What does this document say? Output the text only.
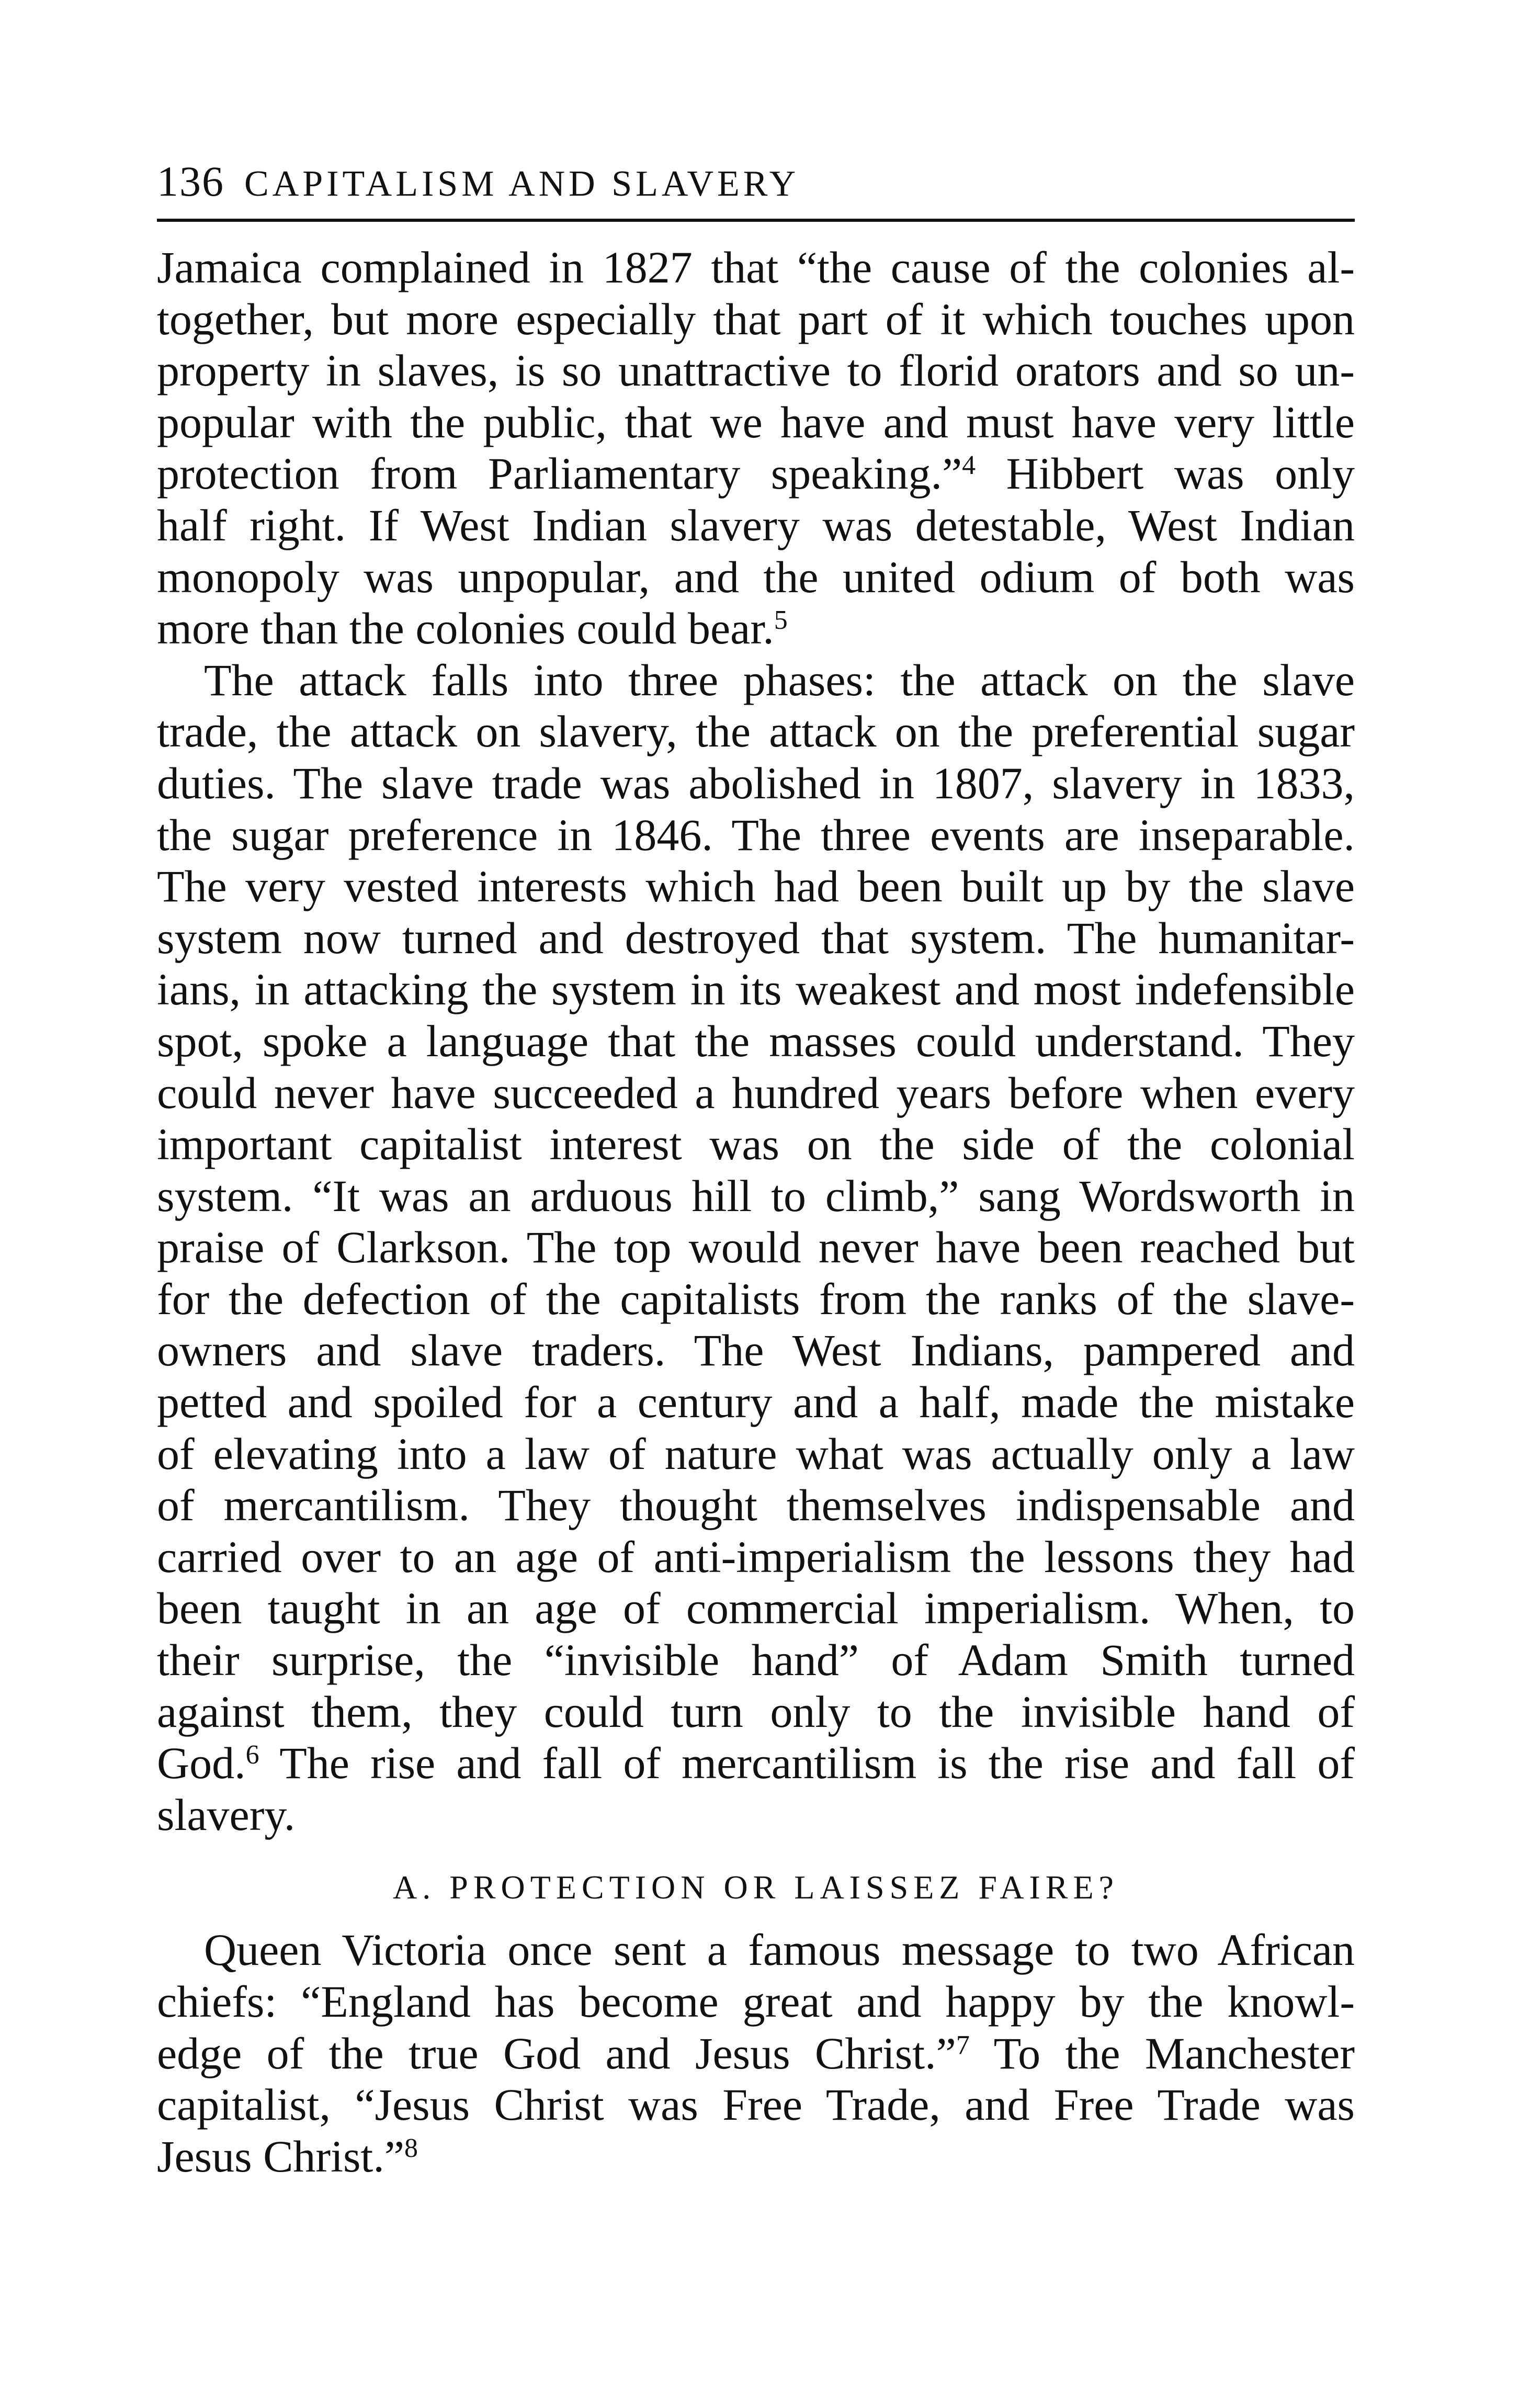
136 CAPITALISM AND SLAVERY
Jamaica complained in 1827 that “the cause of the colonies al-
together, but more especially that part of it which touches upon
property in slaves, is so unattractive to florid orators and so un-
popular with the public, that we have and must have very little
protection from Parliamentary speaking.”$^4$ Hibbert was only
half right. If West Indian slavery was detestable, West Indian
monopoly was unpopular, and the united odium of both was
more than the colonies could bear.$^5$
The attack falls into three phases: the attack on the slave
trade, the attack on slavery, the attack on the preferential sugar
duties. The slave trade was abolished in 1807, slavery in 1833,
the sugar preference in 1846. The three events are inseparable.
The very vested interests which had been built up by the slave
system now turned and destroyed that system. The humanitar-
ians, in attacking the system in its weakest and most indefensible
spot, spoke a language that the masses could understand. They
could never have succeeded a hundred years before when every
important capitalist interest was on the side of the colonial
system. “It was an arduous hill to climb,” sang Wordsworth in
praise of Clarkson. The top would never have been reached but
for the defection of the capitalists from the ranks of the slave-
owners and slave traders. The West Indians, pampered and
petted and spoiled for a century and a half, made the mistake
of elevating into a law of nature what was actually only a law
of mercantilism. They thought themselves indispensable and
carried over to an age of anti-imperialism the lessons they had
been taught in an age of commercial imperialism. When, to
their surprise, the “invisible hand” of Adam Smith turned
against them, they could turn only to the invisible hand of
God.$^6$ The rise and fall of mercantilism is the rise and fall of
slavery.
A. PROTECTION OR LAISSEZ FAIRE?
Queen Victoria once sent a famous message to two African
chiefs: “England has become great and happy by the knowl-
edge of the true God and Jesus Christ.”$^7$ To the Manchester
capitalist, “Jesus Christ was Free Trade, and Free Trade was
Jesus Christ.”$^8$
